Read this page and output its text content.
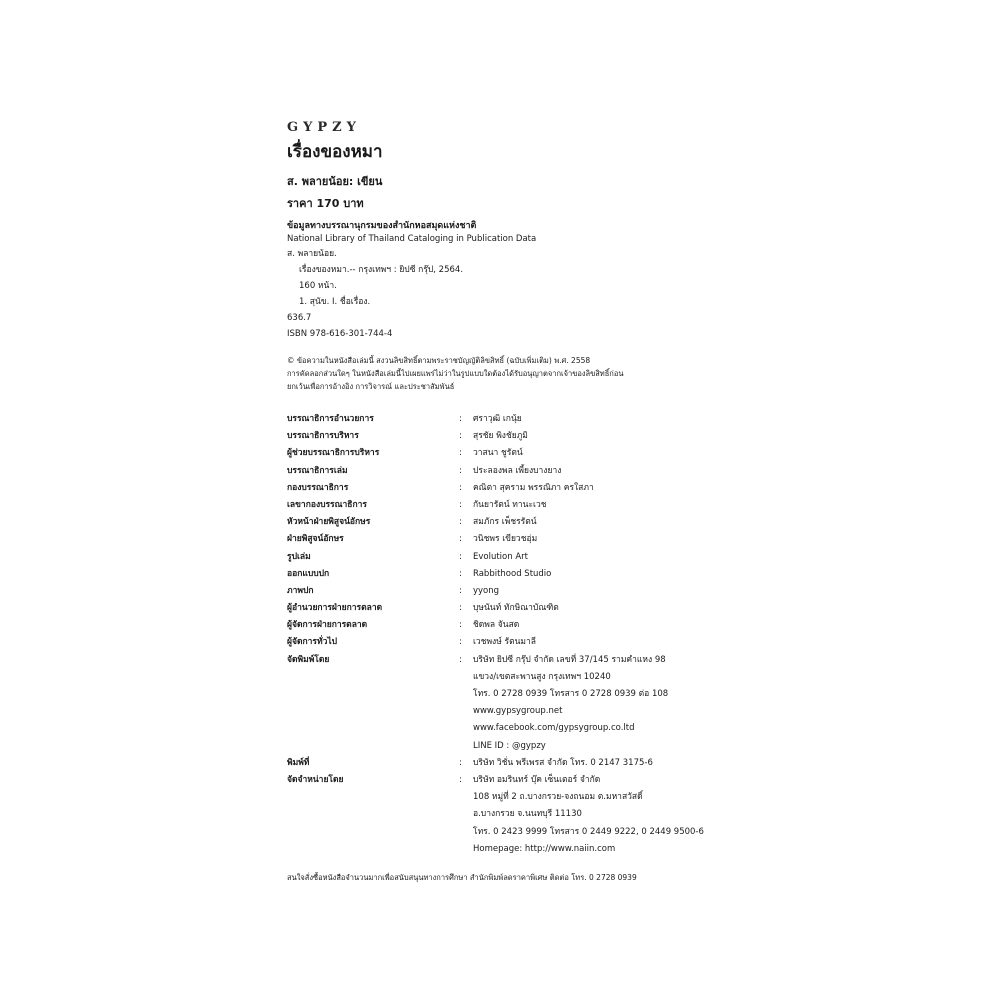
GYPZY
เรื่องของหมา
ส. พลายน้อย: เขียน
ราคา 170 บาท
ข้อมูลทางบรรณานุกรมของสำนักหอสมุดแห่งชาติ
National Library of Thailand Cataloging in Publication Data
ส. พลายน้อย.
เรื่องของหมา.-- กรุงเทพฯ : ยิปซี กรุ๊ป, 2564.
160 หน้า.
1. สุนัข. I. ชื่อเรื่อง.
636.7
ISBN 978-616-301-744-4
© ข้อความในหนังสือเล่มนี้ สงวนลิขสิทธิ์ตามพระราชบัญญัติลิขสิทธิ์ (ฉบับเพิ่มเติม) พ.ศ. 2558
การคัดลอกส่วนใดๆ ในหนังสือเล่มนี้ไปเผยแพร่ไม่ว่าในรูปแบบใดต้องได้รับอนุญาตจากเจ้าของลิขสิทธิ์ก่อน
ยกเว้นเพื่อการอ้างอิง การวิจารณ์ และประชาสัมพันธ์
บรรณาธิการอำนวยการ	:	ศราวุฒิ เกนุ้ย
บรรณาธิการบริหาร	:	สุรชัย พิงชัยภูมิ
ผู้ช่วยบรรณาธิการบริหาร	:	วาสนา ชูรัตน์
บรรณาธิการเล่ม	:	ประลองพล เพี้ยงบางยาง
กองบรรณาธิการ	:	คณิตา สุคราม พรรณิภา ครใสภา
เลขากองบรรณาธิการ	:	กันยารัตน์ ทานะเวช
หัวหน้าฝ่ายพิสูจน์อักษร	:	สมภักร เพ็ชรรัตน์
ฝ่ายพิสูจน์อักษร	:	วนิชพร เขียวชอุ่ม
รูปเล่ม	:	Evolution Art
ออกแบบปก	:	Rabbithood Studio
ภาพปก	:	yyong
ผู้อำนวยการฝ่ายการตลาด	:	บุษนันท์ ทักษิณาบัณฑิต
ผู้จัดการฝ่ายการตลาด	:	ชิดพล จันสด
ผู้จัดการทั่วไป	:	เวชพงษ์ รัตนมาลี
จัดพิมพ์โดย	:	บริษัท ยิปซี กรุ๊ป จำกัด เลขที่ 37/145 รามคำแหง 98
แขวง/เขตสะพานสูง กรุงเทพฯ 10240
โทร. 0 2728 0939 โทรสาร 0 2728 0939 ต่อ 108
www.gypsygroup.net
www.facebook.com/gypsygroup.co.ltd
LINE ID : @gypzy
พิมพ์ที่	:	บริษัท วิชั่น พรีเพรส จำกัด โทร. 0 2147 3175-6
จัดจำหน่ายโดย	:	บริษัท อมรินทร์ บุ๊ค เซ็นเตอร์ จำกัด
108 หมู่ที่ 2 ถ.บางกรวย-จงถนอม ต.มหาสวัสดิ์
อ.บางกรวย จ.นนทบุรี 11130
โทร. 0 2423 9999 โทรสาร 0 2449 9222, 0 2449 9500-6
Homepage: http://www.naiin.com
สนใจสั่งซื้อหนังสือจำนวนมากเพื่อสนับสนุนทางการศึกษา สำนักพิมพ์ลดราคาพิเศษ ติดต่อ โทร. 0 2728 0939
